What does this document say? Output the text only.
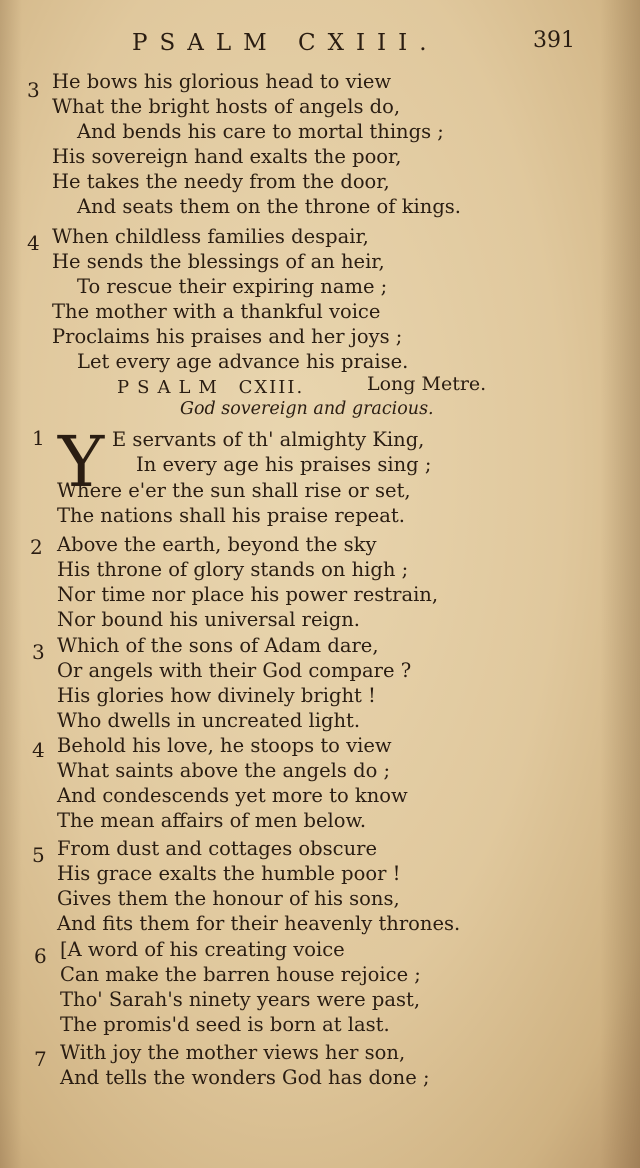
PSALM CXIII.	391
3 He bows his glorious head to view
What the bright hosts of angels do,
And bends his care to mortal things ;
His sovereign hand exalts the poor,
He takes the needy from the door,
And seats them on the throne of kings.
4 When childless families despair,
He sends the blessings of an heir,
To rescue their expiring name ;
The mother with a thankful voice
Proclaims his praises and her joys ;
Let every age advance his praise.
PSALM CXIII.	Long Metre.
God sovereign and gracious.
1	E servants of th' almighty King,
In every age his praises sing ;
Where e'er the sun shall rise or set,
The nations shall his praise repeat.
Y
2 Above the earth, beyond the sky
His throne of glory stands on high ;
Nor time nor place his power restrain,
Nor bound his universal reign.
3 Which of the sons of Adam dare,
Or angels with their God compare ?
His glories how divinely bright !
Who dwells in uncreated light.
4 Behold his love, he stoops to view
What saints above the angels do ;
And condescends yet more to know
The mean affairs of men below.
5 From dust and cottages obscure
His grace exalts the humble poor !
Gives them the honour of his sons,
And fits them for their heavenly thrones.
6 [A word of his creating voice
Can make the barren house rejoice ;
Tho' Sarah's ninety years were past,
The promis'd seed is born at last.
7 With joy the mother views her son,
And tells the wonders God has done ;
